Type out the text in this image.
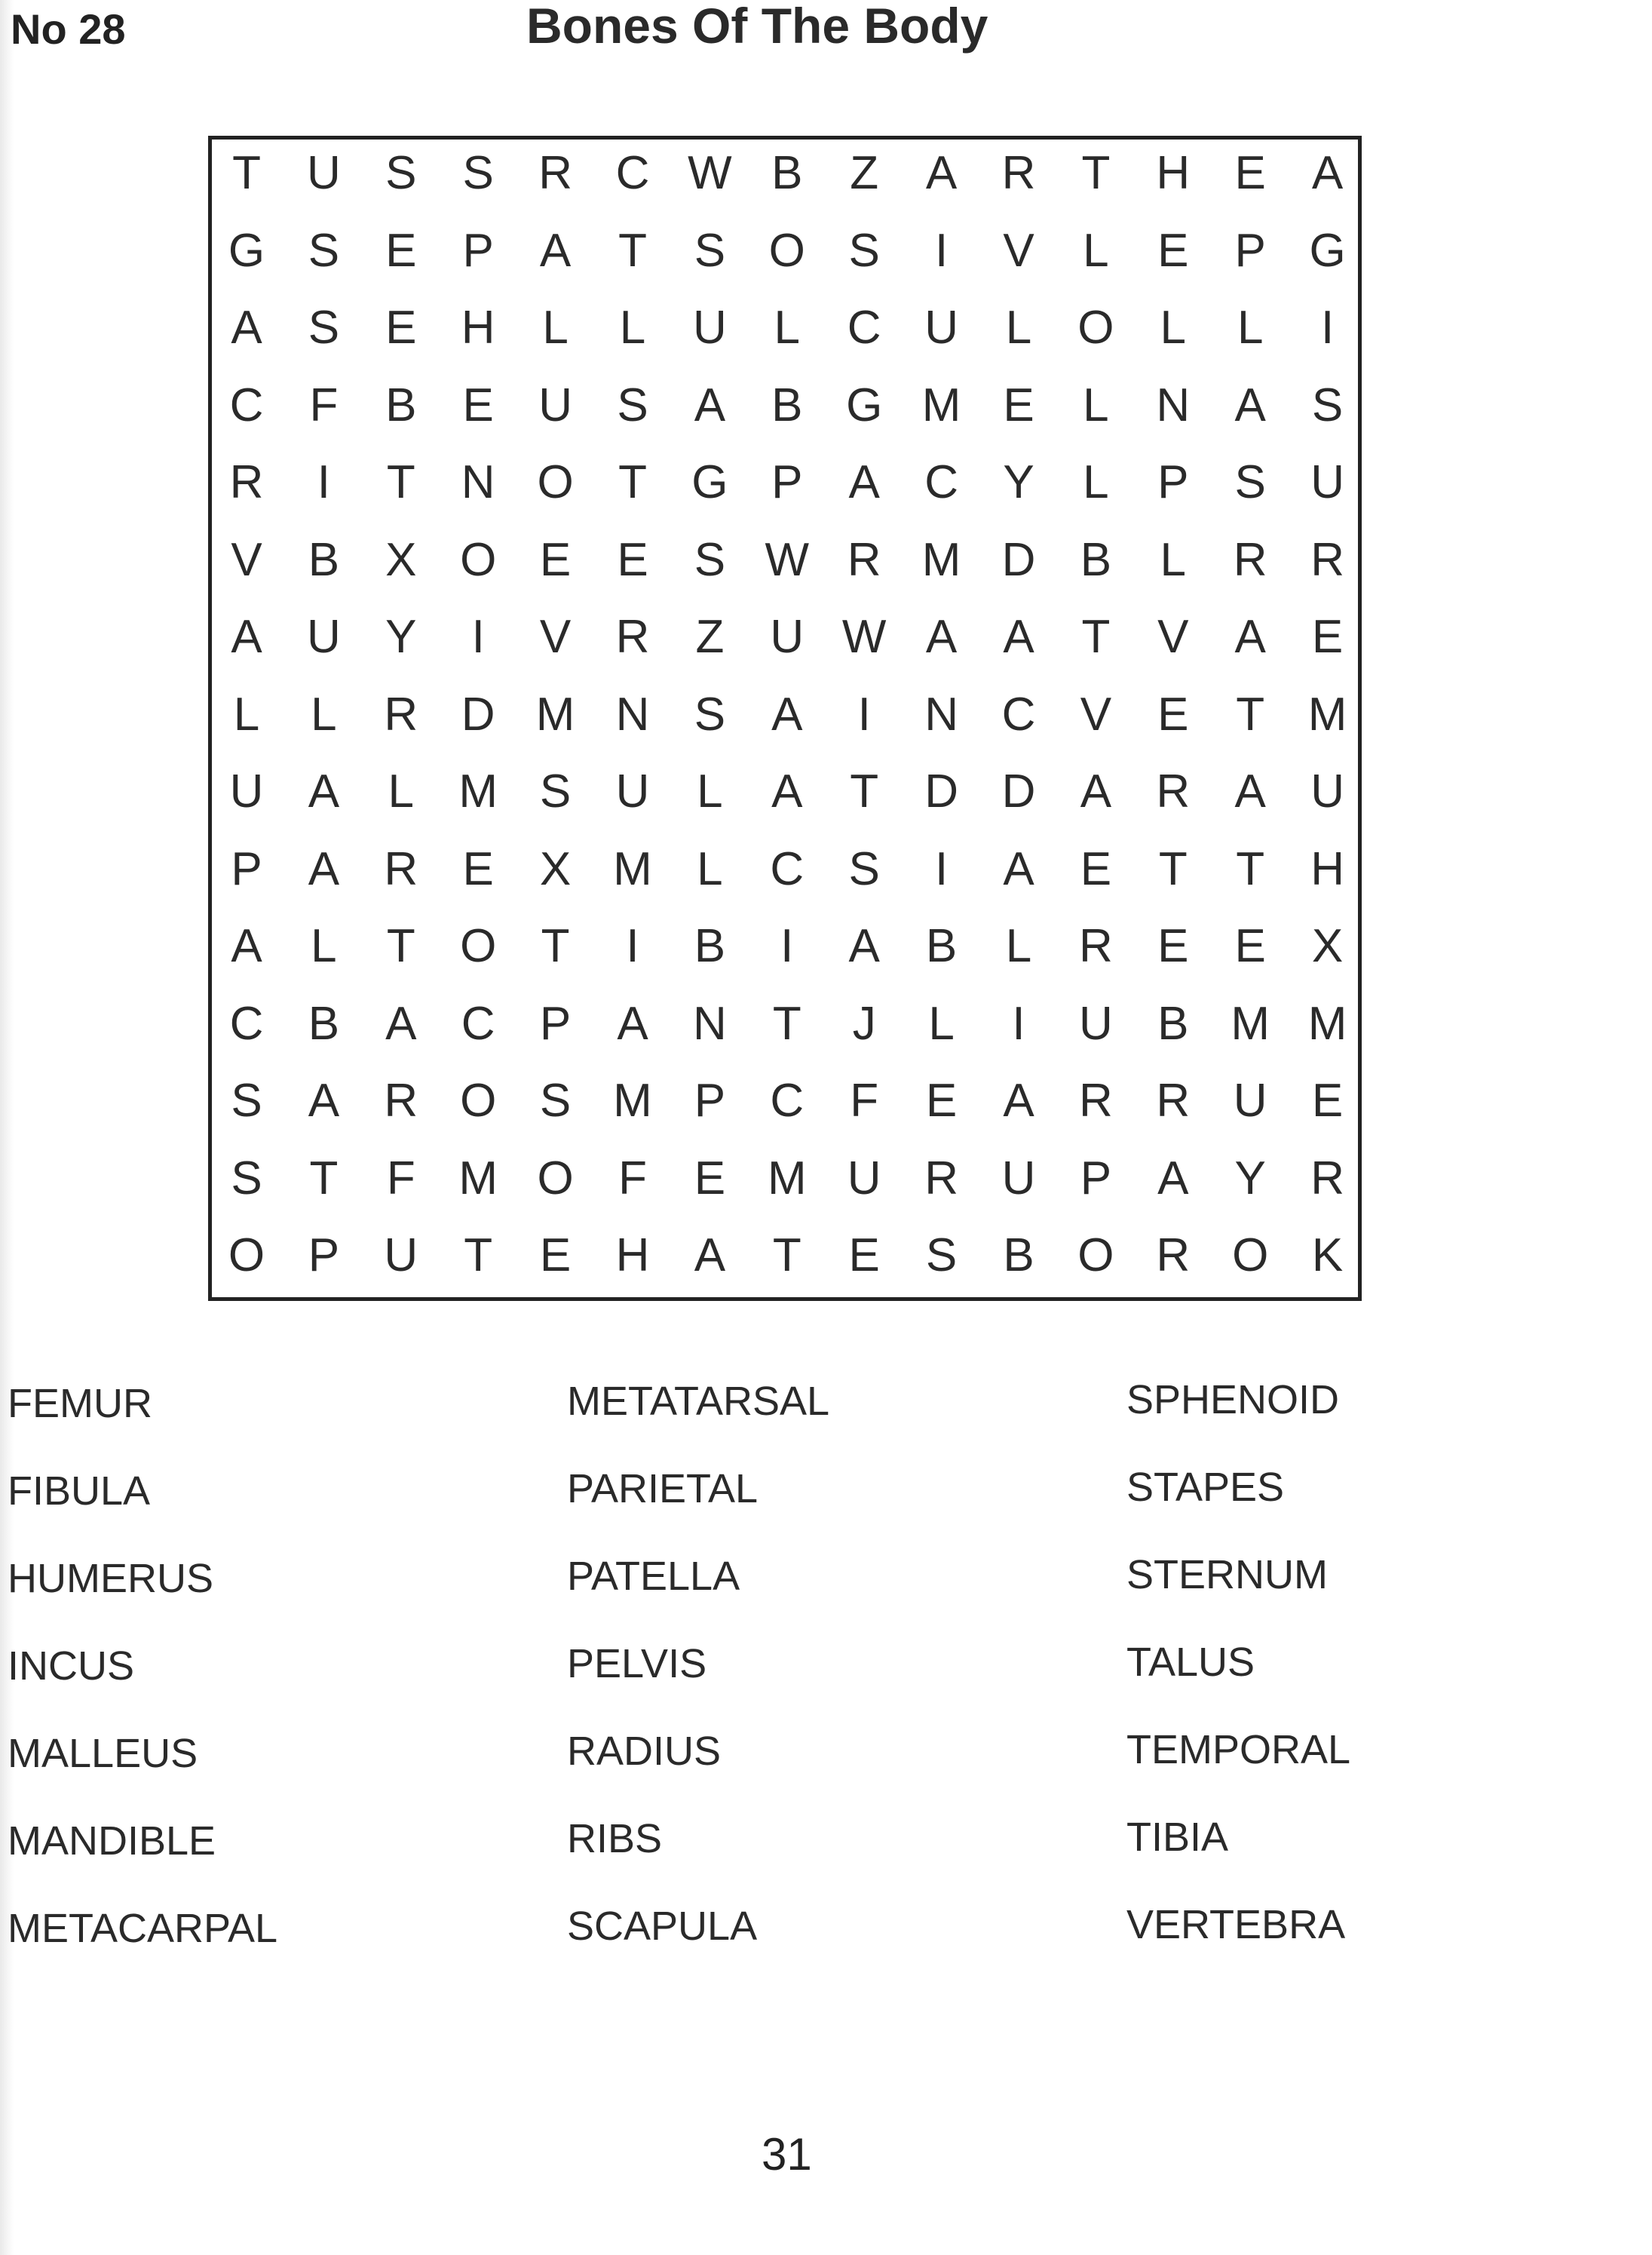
No 28	Bones Of The Body
T U S S R C W B	Z	A R T H E A
G S E P A	T	S O S	I	V	L	E P G
A S E H	L	L	U	L	C U	L O L	L	I
C F	B E U S A B G M E	L	N A S
R	I	T N O T G P A C Y	L	P S U
V B X O E E S W R M D B	L	R R
A U Y	I	V R Z U W A A	T	V A E
L	L	R D M N S A	I	N C V E	T M
U A	L M S U	L	A	T D D A R A U
P A R E X M L	C S	I	A E	T	T H
A	L	T O T	I	B	I	A B	L	R E E X
C B A C P A N T	J	L	I	U B M M
S A R O S M P C F	E A R R U E
S	T	F M O F	E M U R U P A Y R
O P U T	E H A	T	E S B O R O K
FEMUR
FIBULA
HUMERUS
INCUS
MALLEUS
MANDIBLE
METACARPAL
METATARSAL
PARIETAL
PATELLA
PELVIS
RADIUS
RIBS
SCAPULA
SPHENOID
STAPES
STERNUM
TALUS
TEMPORAL
TIBIA
VERTEBRA
31
